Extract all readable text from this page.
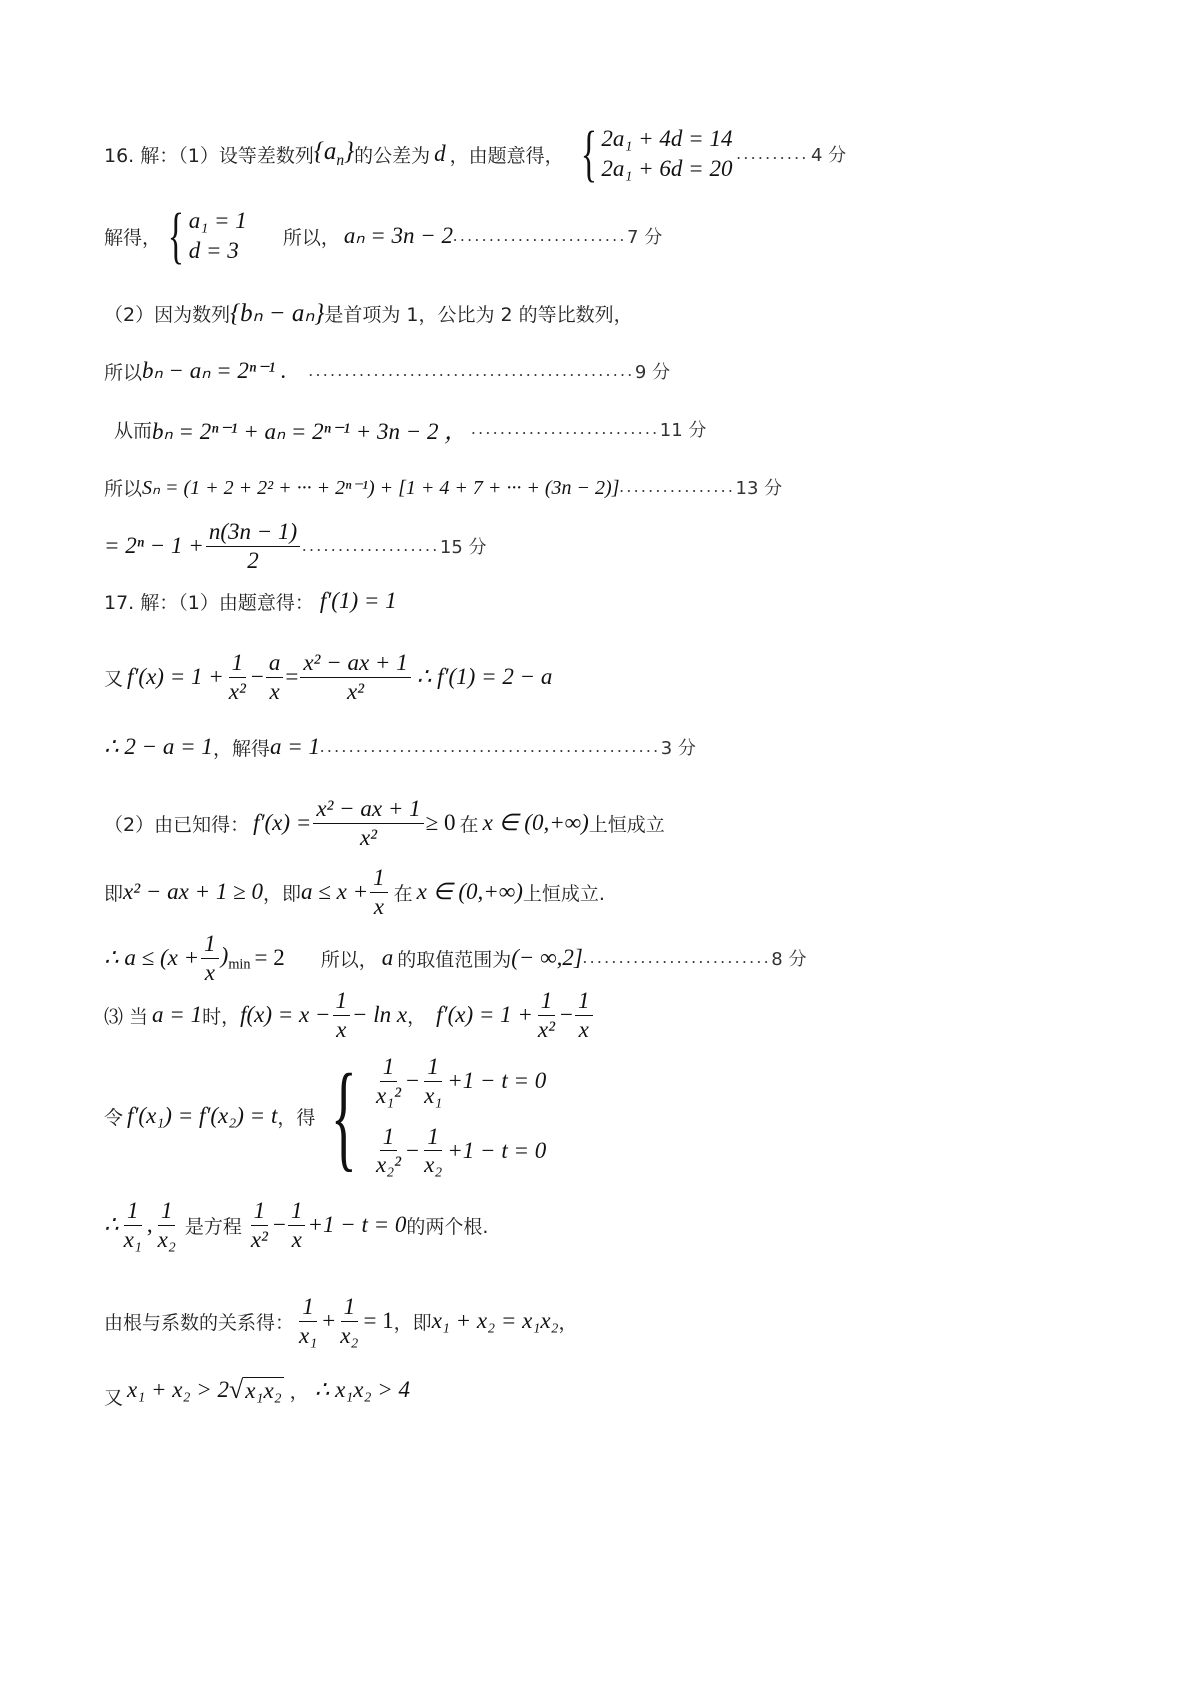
16. 解：（1）设等差数列 $\{a_n\}$ 的公差为 d ，由题意得， { 2a₁ + 4d = 14
2a₁ + 6d = 20
.......... 4 分
解得， { a₁ = 1
d = 3
所以， aₙ = 3n − 2 ........................ 7 分
（2）因为数列 {bₙ − aₙ} 是首项为 1，公比为 2 的等比数列，
所以 bₙ − aₙ = 2ⁿ⁻¹ . ............................................. 9 分
从而 bₙ = 2ⁿ⁻¹ + aₙ = 2ⁿ⁻¹ + 3n − 2 ， .......................... 11 分
所以 Sₙ = (1 + 2 + 2² + ··· + 2ⁿ⁻¹) + [1 + 4 + 7 + ··· + (3n − 2)] ................ 13 分
= $2^n - 1 + \frac{n(3n - 1)}{2}$ ................... 15 分
17. 解：（1）由题意得： f′(1) = 1
又 $f'(x) = 1 + \frac{1}{\text{x²}} - \frac{a}{x} = \frac{\text{x² − ax + 1}}{\text{x²}}$ ∴ f′(1) = 2 − a
∴ 2 − a = 1 ，解得 a = 1 ............................................... 3 分
（2）由已知得： $f'(x) = \frac{\text{x² − ax + 1}}{\text{x²}} \ge 0$ 在 x ∈ (0,+∞) 上恒成立
即 x² − ax + 1 ≥ 0 ，即 $a \le x + \frac{1}{x}$ 在 x ∈ (0,+∞) 上恒成立.
∴ $a \le (x + \frac{1}{x} )_{min} = 2$ 所以， a 的取值范围为 (− ∞,2] .......................... 8 分
⑶ 当 a = 1 时， $f(x) = x - \frac{1}{x} - \ln x$ ， $f'(x) = 1 + \frac{1}{\text{x²}} - \frac{1}{x}$
令 f′(x₁) = f′(x₂) = t ，得 { $\frac{1}{\text{x₁²}} - \frac{1}{\text{x₁}} +1 - t = 0$
$\frac{1}{\text{x₂²}} - \frac{1}{\text{x₂}} +1 - t = 0$
∴ $\frac{1}{\text{x₁}}$ , $\frac{1}{\text{x₂}}$ 是方程 $\frac{1}{\text{x²}} - \frac{1}{x} +1 - t = 0$ 的两个根.
由根与系数的关系得： $\frac{1}{\text{x₁}} + \frac{1}{\text{x₂}} = 1$ ，即 x₁ + x₂ = x₁x₂ ，
又 x₁ + x₂ > 2 √ x₁x₂ ， ∴ x₁x₂ > 4
